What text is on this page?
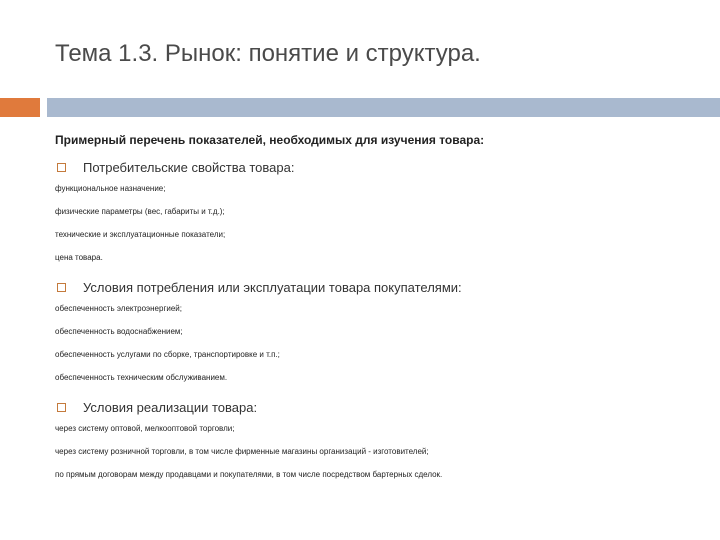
Тема 1.3. Рынок: понятие и структура.
Примерный перечень показателей, необходимых для изучения товара:
Потребительские свойства товара:
функциональное назначение;
физические параметры (вес, габариты и т.д.);
технические и эксплуатационные показатели;
цена товара.
Условия потребления или эксплуатации товара покупателями:
обеспеченность электроэнергией;
обеспеченность водоснабжением;
обеспеченность услугами по сборке, транспортировке и т.п.;
обеспеченность техническим обслуживанием.
Условия реализации товара:
через систему оптовой, мелкооптовой торговли;
через систему розничной торговли, в том числе фирменные магазины организаций - изготовителей;
по прямым договорам между продавцами и покупателями, в том числе посредством бартерных сделок.
